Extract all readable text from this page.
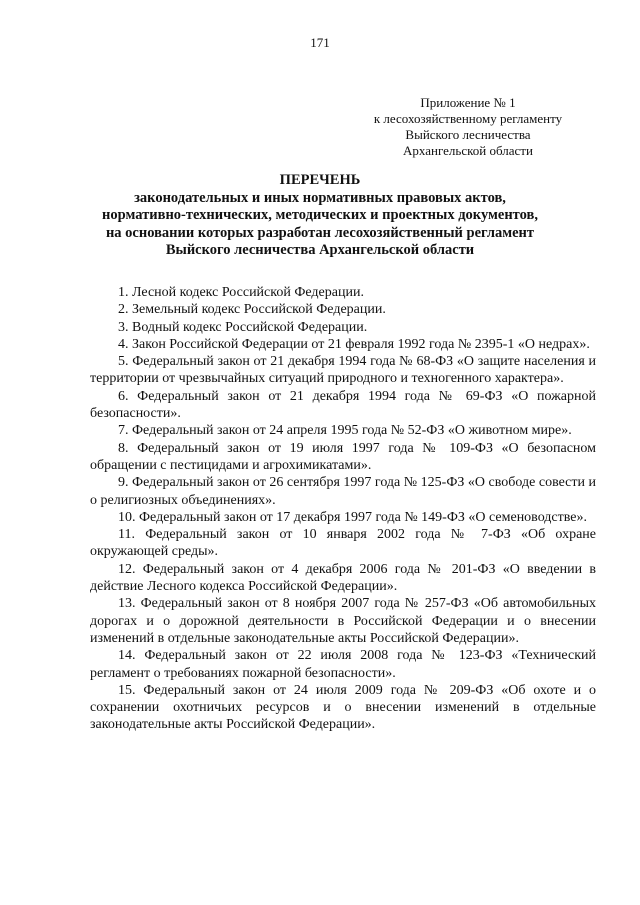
171
Приложение № 1
к лесохозяйственному регламенту
Выйского лесничества
Архангельской области
ПЕРЕЧЕНЬ
законодательных и иных нормативных правовых актов,
нормативно-технических, методических и проектных документов,
на основании которых разработан лесохозяйственный регламент
Выйского лесничества Архангельской области

1. Лесной кодекс Российской Федерации.

2. Земельный кодекс Российской Федерации.

3. Водный кодекс Российской Федерации.

4. Закон Российской Федерации от 21 февраля 1992 года № 2395-1 «О недрах».

5. Федеральный закон от 21 декабря 1994 года № 68-ФЗ «О защите населения и территории от чрезвычайных ситуаций природного и техногенного характера».

6. Федеральный закон от 21 декабря 1994 года № 69-ФЗ «О пожарной безопасности».

7. Федеральный закон от 24 апреля 1995 года № 52-ФЗ «О животном мире».

8. Федеральный закон от 19 июля 1997 года № 109-ФЗ «О безопасном обращении с пестицидами и агрохимикатами».

9. Федеральный закон от 26 сентября 1997 года № 125-ФЗ «О свободе совести и о религиозных объединениях».

10. Федеральный закон от 17 декабря 1997 года № 149-ФЗ «О семеноводстве».

11. Федеральный закон от 10 января 2002 года № 7-ФЗ «Об охране окружающей среды».

12. Федеральный закон от 4 декабря 2006 года № 201-ФЗ «О введении в действие Лесного кодекса Российской Федерации».

13. Федеральный закон от 8 ноября 2007 года № 257-ФЗ «Об автомобильных дорогах и о дорожной деятельности в Российской Федерации и о внесении изменений в отдельные законодательные акты Российской Федерации».

14. Федеральный закон от 22 июля 2008 года № 123-ФЗ «Технический регламент о требованиях пожарной безопасности».

15. Федеральный закон от 24 июля 2009 года № 209-ФЗ «Об охоте и о сохранении охотничьих ресурсов и о внесении изменений в отдельные законодательные акты Российской Федерации».
